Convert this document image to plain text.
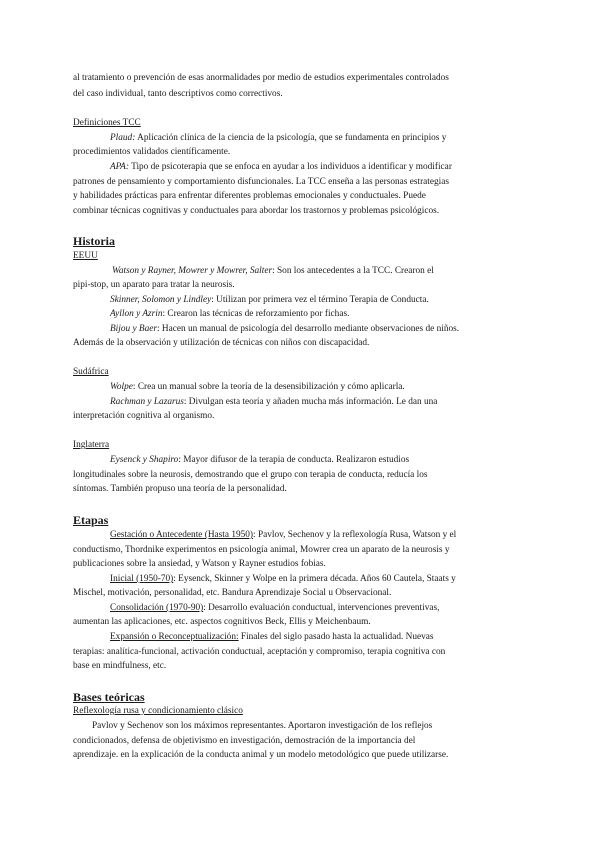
al tratamiento o prevención de esas anormalidades por medio de estudios experimentales controlados

del caso individual, tanto descriptivos como correctivos.

Definiciones TCC

Plaud: Aplicación clínica de la ciencia de la psicología, que se fundamenta en principios y

procedimientos validados científicamente.

APA: Tipo de psicoterapia que se enfoca en ayudar a los individuos a identificar y modificar

patrones de pensamiento y comportamiento disfuncionales. La TCC enseña a las personas estrategias

y habilidades prácticas para enfrentar diferentes problemas emocionales y conductuales. Puede

combinar técnicas cognitivas y conductuales para abordar los trastornos y problemas psicológicos.

Historia

EEUU

Watson y Rayner, Mowrer y Mowrer, Salter: Son los antecedentes a la TCC. Crearon el

pipi-stop, un aparato para tratar la neurosis.

Skinner, Solomon y Lindley: Utilizan por primera vez el término Terapia de Conducta.

Ayllon y Azrin: Crearon las técnicas de reforzamiento por fichas.

Bijou y Baer: Hacen un manual de psicología del desarrollo mediante observaciones de niños.

Además de la observación y utilización de técnicas con niños con discapacidad.

Sudáfrica

Wolpe: Crea un manual sobre la teoría de la desensibilización y cómo aplicarla.

Rachman y Lazarus: Divulgan esta teoría y añaden mucha más información. Le dan una

interpretación cognitiva al organismo.

Inglaterra

Eysenck y Shapiro: Mayor difusor de la terapia de conducta. Realizaron estudios

longitudinales sobre la neurosis, demostrando que el grupo con terapia de conducta, reducía los

síntomas. También propuso una teoría de la personalidad.

Etapas

Gestación o Antecedente (Hasta 1950): Pavlov, Sechenov y la reflexología Rusa, Watson y el

conductismo, Thordnike experimentos en psicología animal, Mowrer crea un aparato de la neurosis y

publicaciones sobre la ansiedad, y Watson y Rayner estudios fobias.

Inicial (1950-70): Eysenck, Skinner y Wolpe en la primera década. Años 60 Cautela, Staats y

Mischel, motivación, personalidad, etc. Bandura Aprendizaje Social u Observacional.

Consolidación (1970-90): Desarrollo evaluación conductual, intervenciones preventivas,

aumentan las aplicaciones, etc. aspectos cognitivos Beck, Ellis y Meichenbaum.

Expansión o Reconceptualización: Finales del siglo pasado hasta la actualidad. Nuevas

terapias: analítica-funcional, activación conductual, aceptación y compromiso, terapia cognitiva con

base en mindfulness, etc.

Bases teóricas

Reflexología rusa y condicionamiento clásico

Pavlov y Sechenov son los máximos representantes. Aportaron investigación de los reflejos

condicionados, defensa de objetivismo en investigación, demostración de la importancia del

aprendizaje. en la explicación de la conducta animal y un modelo metodológico que puede utilizarse.
